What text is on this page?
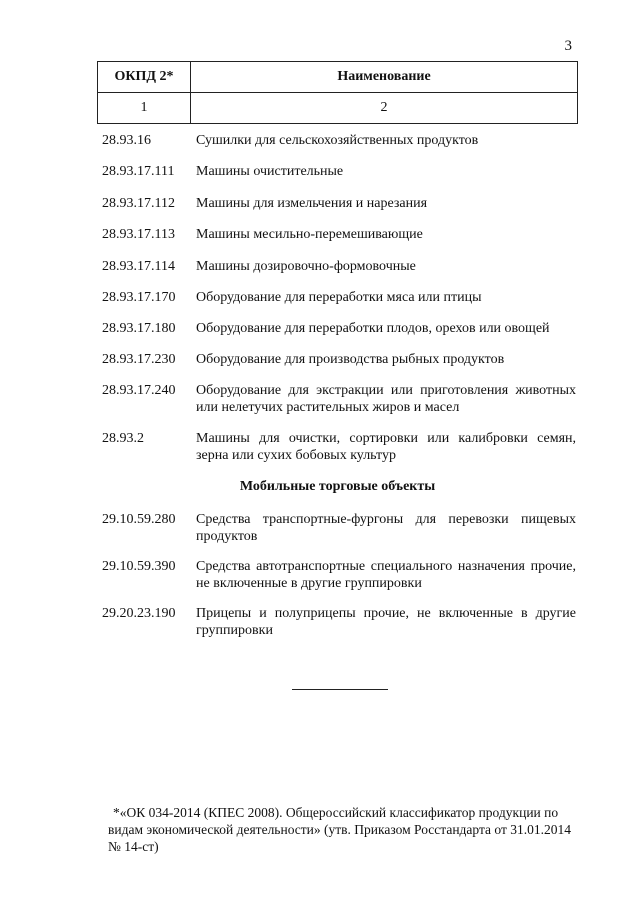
3
ОКПД 2*	Наименование
1	2
28.93.16	Сушилки для сельскохозяйственных продуктов
28.93.17.111	Машины очистительные
28.93.17.112	Машины для измельчения и нарезания
28.93.17.113	Машины месильно-перемешивающие
28.93.17.114	Машины дозировочно-формовочные
28.93.17.170	Оборудование для переработки мяса или птицы
28.93.17.180	Оборудование для переработки плодов, орехов или овощей
28.93.17.230	Оборудование для производства рыбных продуктов
28.93.17.240	Оборудование для экстракции или приготовления животных или нелетучих растительных жиров и масел
28.93.2	Машины для очистки, сортировки или калибровки семян, зерна или сухих бобовых культур
Мобильные торговые объекты
29.10.59.280	Средства транспортные-фургоны для перевозки пищевых продуктов
29.10.59.390	Средства автотранспортные специального назначения прочие, не включенные в другие группировки
29.20.23.190	Прицепы и полуприцепы прочие, не включенные в другие группировки
*«ОК 034-2014 (КПЕС 2008). Общероссийский классификатор продукции по видам экономической деятельности» (утв. Приказом Росстандарта от 31.01.2014 № 14-ст)
